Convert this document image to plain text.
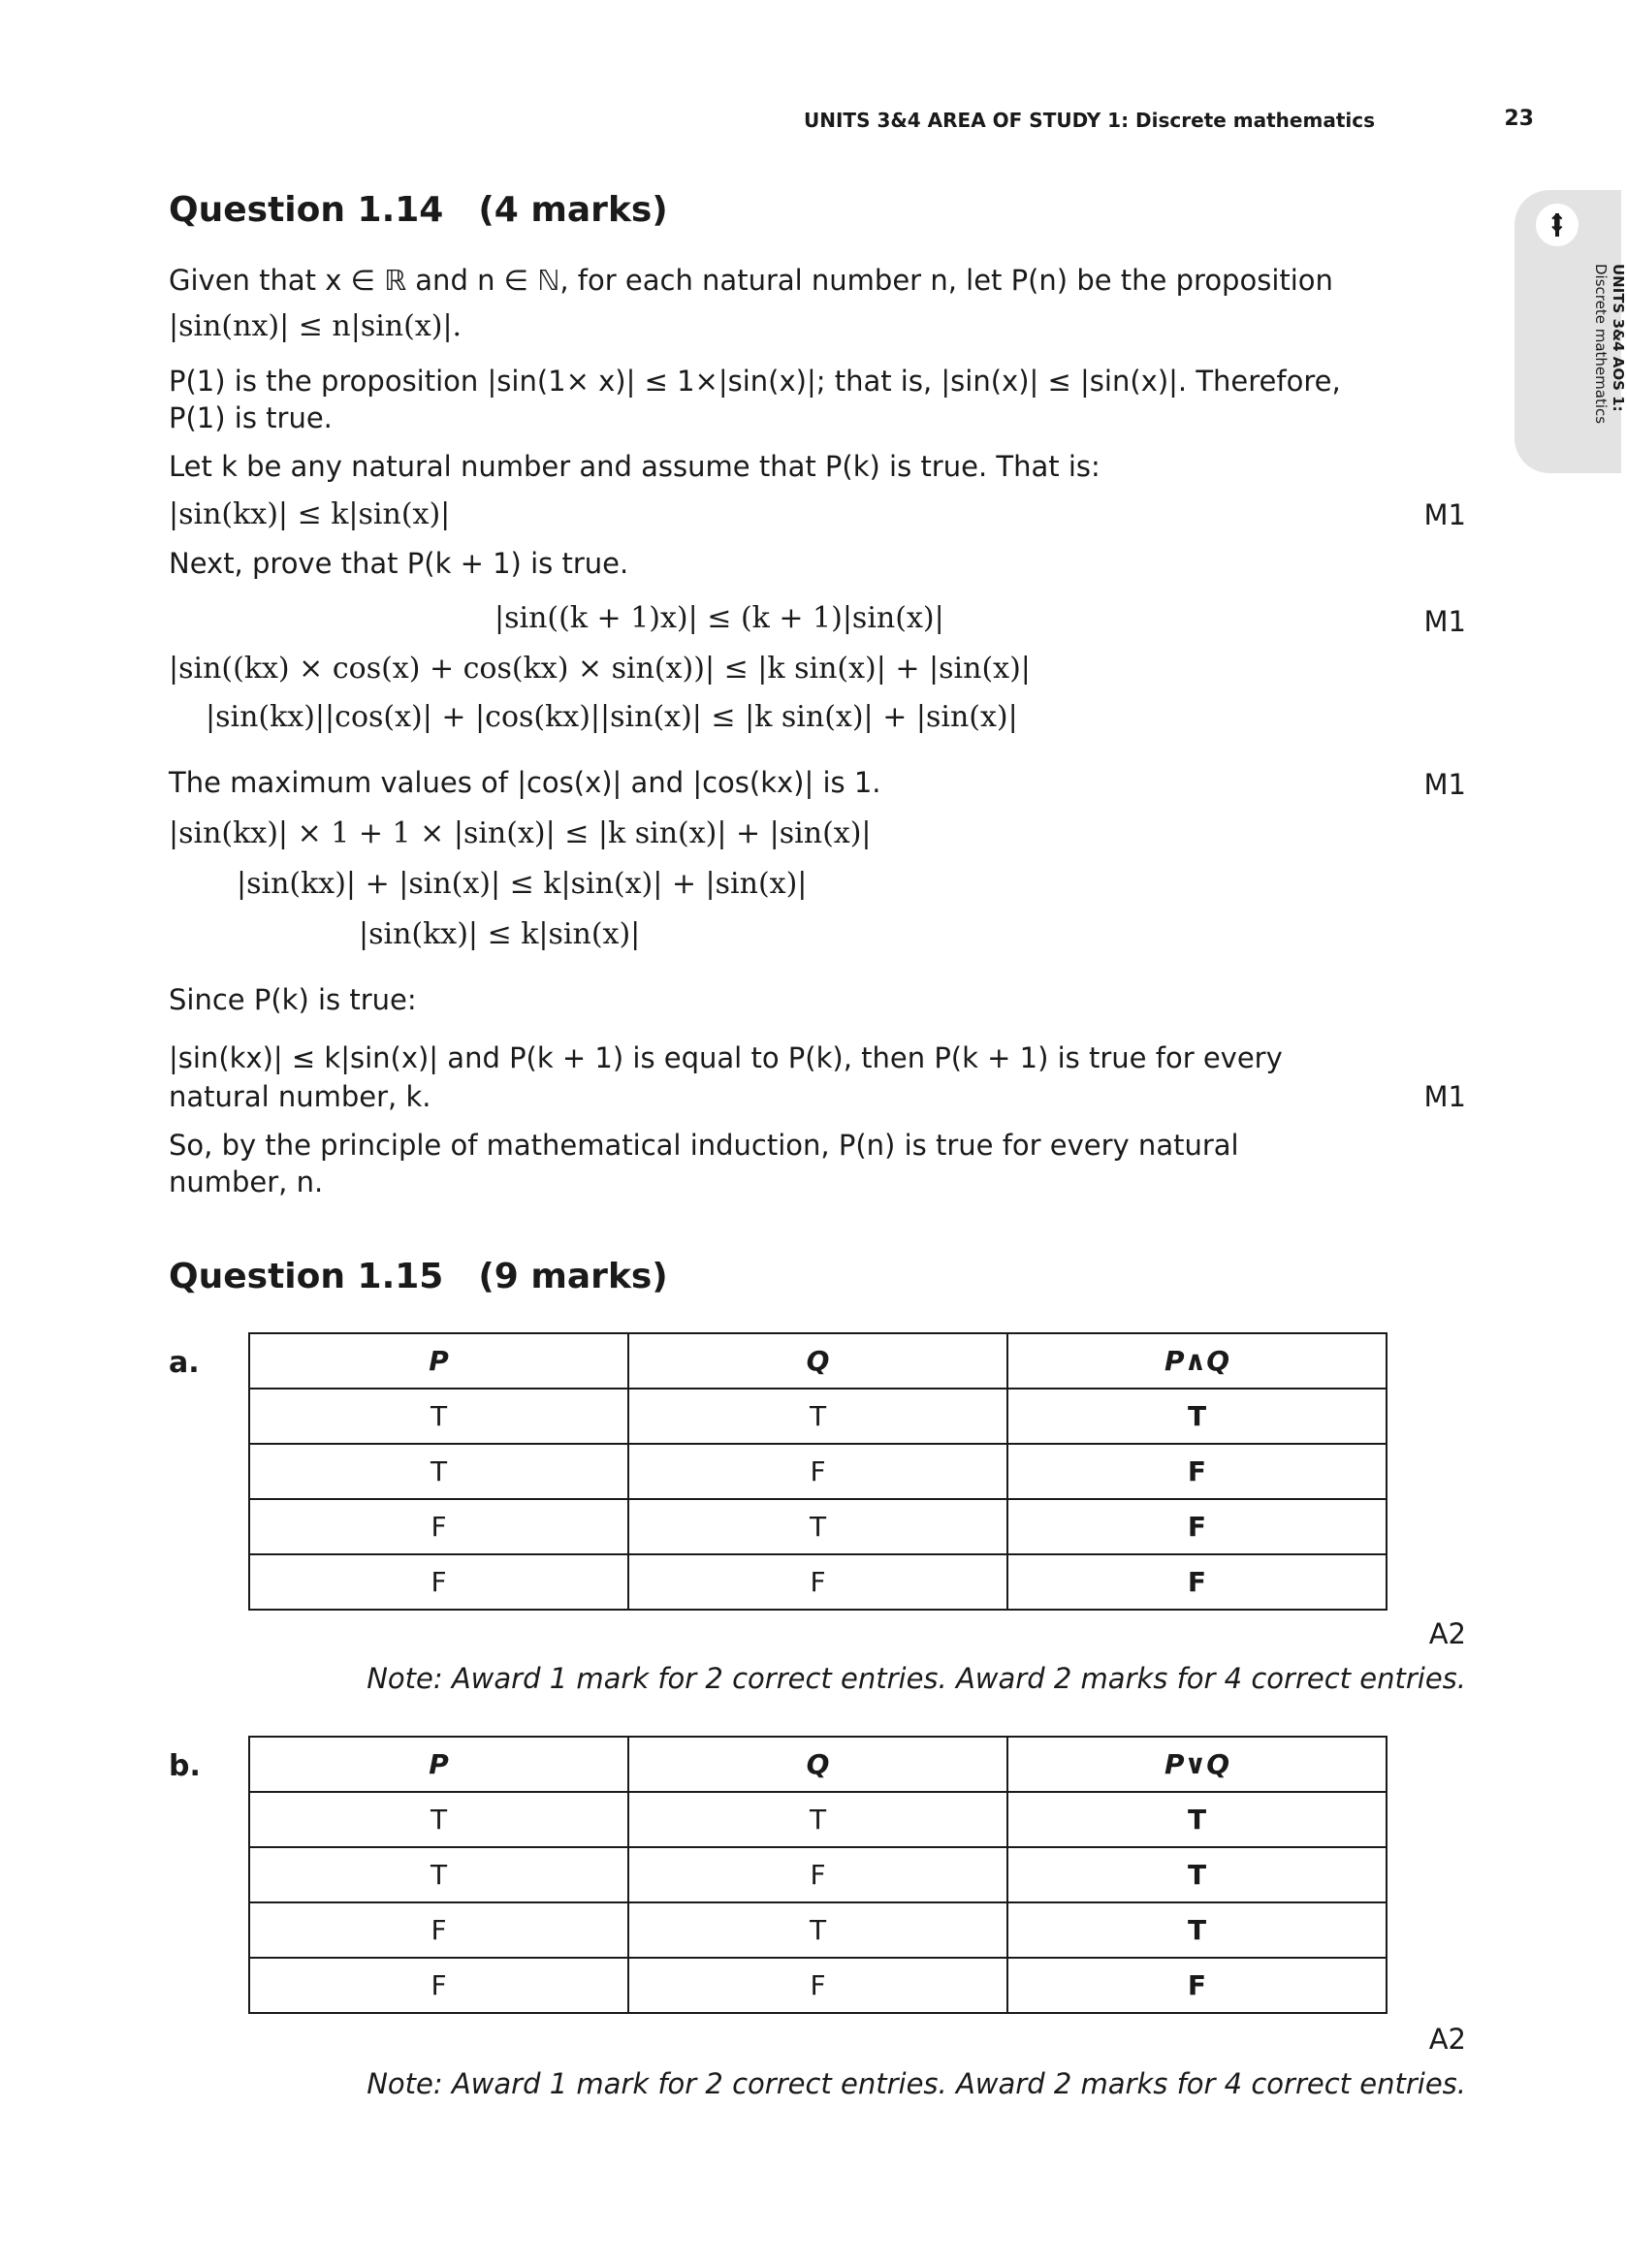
UNITS 3&4 AREA OF STUDY 1: Discrete mathematics	23
⇕
UNITS 3&4 AOS 1:
Discrete mathematics
Question 1.14 (4 marks)
Given that x ∈ ℝ and n ∈ ℕ, for each natural number n, let P(n) be the proposition
|sin(nx)| ≤ n|sin(x)|.
P(1) is the proposition |sin(1× x)| ≤ 1×|sin(x)|; that is, |sin(x)| ≤ |sin(x)|. Therefore,
P(1) is true.
Let k be any natural number and assume that P(k) is true. That is:
|sin(kx)| ≤ k|sin(x)|	M1
Next, prove that P(k + 1) is true.
|sin((k + 1)x)| ≤ (k + 1)|sin(x)|	M1
|sin((kx) × cos(x) + cos(kx) × sin(x))| ≤ |k sin(x)| + |sin(x)|
|sin(kx)||cos(x)| + |cos(kx)||sin(x)| ≤ |k sin(x)| + |sin(x)|
The maximum values of |cos(x)| and |cos(kx)| is 1.	M1
|sin(kx)| × 1 + 1 × |sin(x)| ≤ |k sin(x)| + |sin(x)|
|sin(kx)| + |sin(x)| ≤ k|sin(x)| + |sin(x)|
|sin(kx)| ≤ k|sin(x)|
Since P(k) is true:
|sin(kx)| ≤ k|sin(x)| and P(k + 1) is equal to P(k), then P(k + 1) is true for every
natural number, k.	M1
So, by the principle of mathematical induction, P(n) is true for every natural
number, n.
Question 1.15 (9 marks)
a.	P	Q	P∧Q
T	T	T
T	F	F
F	T	F
F	F	F
A2
Note: Award 1 mark for 2 correct entries. Award 2 marks for 4 correct entries.
b.	P	Q	P∨Q
T	T	T
T	F	T
F	T	T
F	F	F
A2
Note: Award 1 mark for 2 correct entries. Award 2 marks for 4 correct entries.
